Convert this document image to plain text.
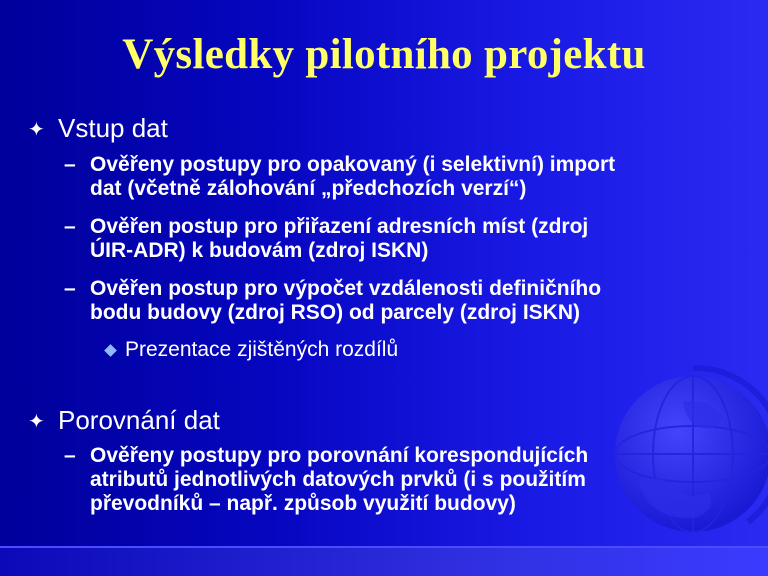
Výsledky pilotního projektu
✦ Vstup dat
– Ověřeny postupy pro opakovaný (i selektivní) import
dat (včetně zálohování „předchozích verzí“)
– Ověřen postup pro přiřazení adresních míst (zdroj
ÚIR-ADR) k budovám (zdroj ISKN)
– Ověřen postup pro výpočet vzdálenosti definičního
bodu budovy (zdroj RSO) od parcely (zdroj ISKN)
Prezentace zjištěných rozdílů
✦ Porovnání dat
– Ověřeny postupy pro porovnání korespondujících
atributů jednotlivých datových prvků (i s použitím
převodníků – např. způsob využití budovy)
